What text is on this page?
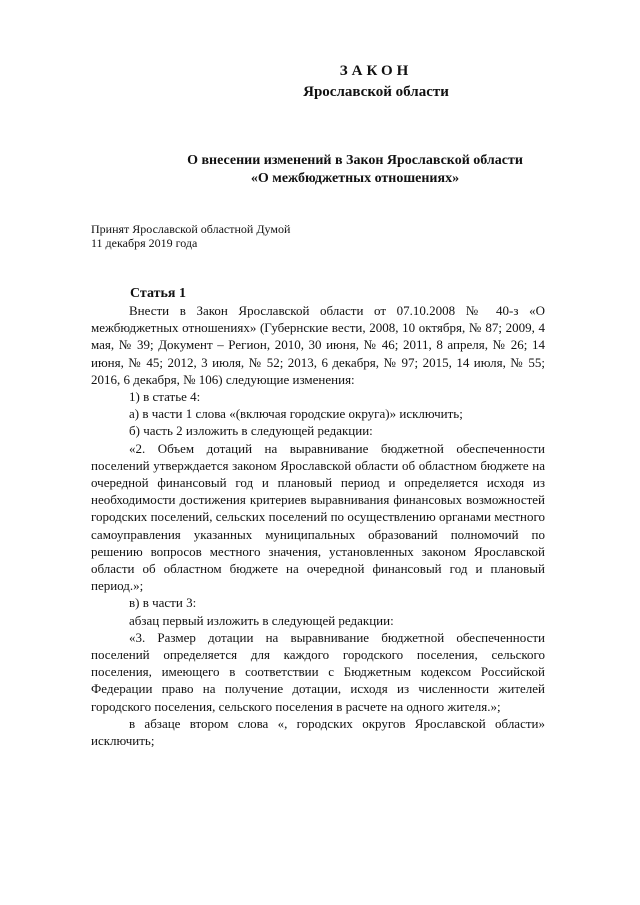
ЗАКОН
Ярославской области
О внесении изменений в Закон Ярославской области
«О межбюджетных отношениях»
Принят Ярославской областной Думой
11 декабря 2019 года
Статья 1

Внести в Закон Ярославской области от 07.10.2008 № 40-з «О межбюджетных отношениях» (Губернские вести, 2008, 10 октября, № 87; 2009, 4 мая, № 39; Документ – Регион, 2010, 30 июня, № 46; 2011, 8 апреля, № 26; 14 июня, № 45; 2012, 3 июля, № 52; 2013, 6 декабря, № 97; 2015, 14 июля, № 55; 2016, 6 декабря, № 106) следующие изменения:

1) в статье 4:

а) в части 1 слова «(включая городские округа)» исключить;

б) часть 2 изложить в следующей редакции:

«2. Объем дотаций на выравнивание бюджетной обеспеченности поселений утверждается законом Ярославской области об областном бюджете на очередной финансовый год и плановый период и определяется исходя из необходимости достижения критериев выравнивания финансовых возможностей городских поселений, сельских поселений по осуществлению органами местного самоуправления указанных муниципальных образований полномочий по решению вопросов местного значения, установленных законом Ярославской области об областном бюджете на очередной финансовый год и плановый период.»;

в) в части 3:

абзац первый изложить в следующей редакции:

«3. Размер дотации на выравнивание бюджетной обеспеченности поселений определяется для каждого городского поселения, сельского поселения, имеющего в соответствии с Бюджетным кодексом Российской Федерации право на получение дотации, исходя из численности жителей городского поселения, сельского поселения в расчете на одного жителя.»;

в абзаце втором слова «, городских округов Ярославской области» исключить;
